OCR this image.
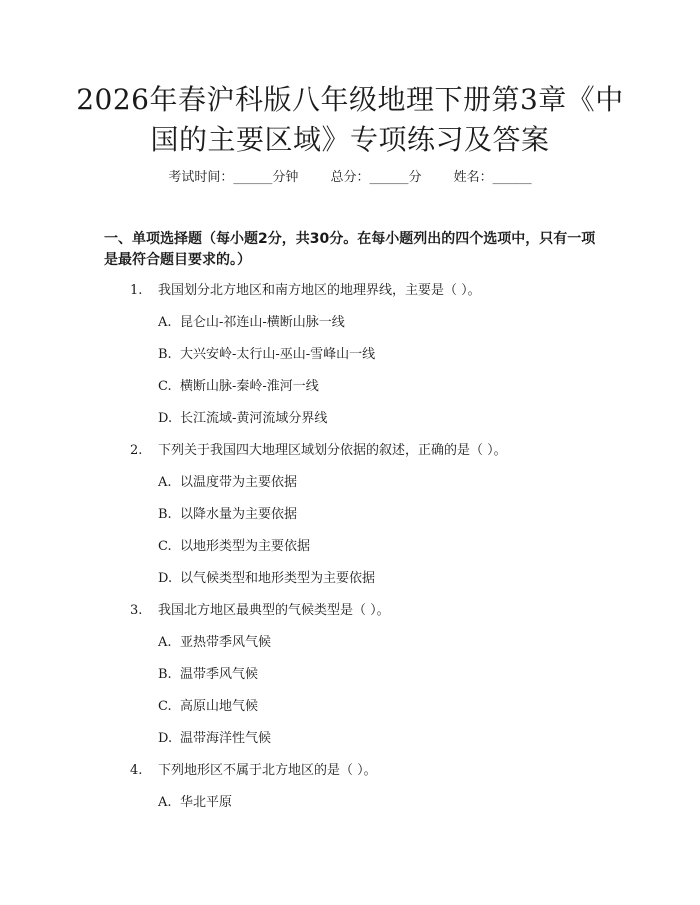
2026年春沪科版八年级地理下册第3章《中
国的主要区域》专项练习及答案
考试时间：______分钟 总分：______分 姓名：______
一、单项选择题（每小题2分，共30分。在每小题列出的四个选项中，只有一项
是最符合题目要求的。）
1. 我国划分北方地区和南方地区的地理界线，主要是（ ）。
A. 昆仑山-祁连山-横断山脉一线
B. 大兴安岭-太行山-巫山-雪峰山一线
C. 横断山脉-秦岭-淮河一线
D. 长江流域-黄河流域分界线
2. 下列关于我国四大地理区域划分依据的叙述，正确的是（ ）。
A. 以温度带为主要依据
B. 以降水量为主要依据
C. 以地形类型为主要依据
D. 以气候类型和地形类型为主要依据
3. 我国北方地区最典型的气候类型是（ ）。
A. 亚热带季风气候
B. 温带季风气候
C. 高原山地气候
D. 温带海洋性气候
4. 下列地形区不属于北方地区的是（ ）。
A. 华北平原
